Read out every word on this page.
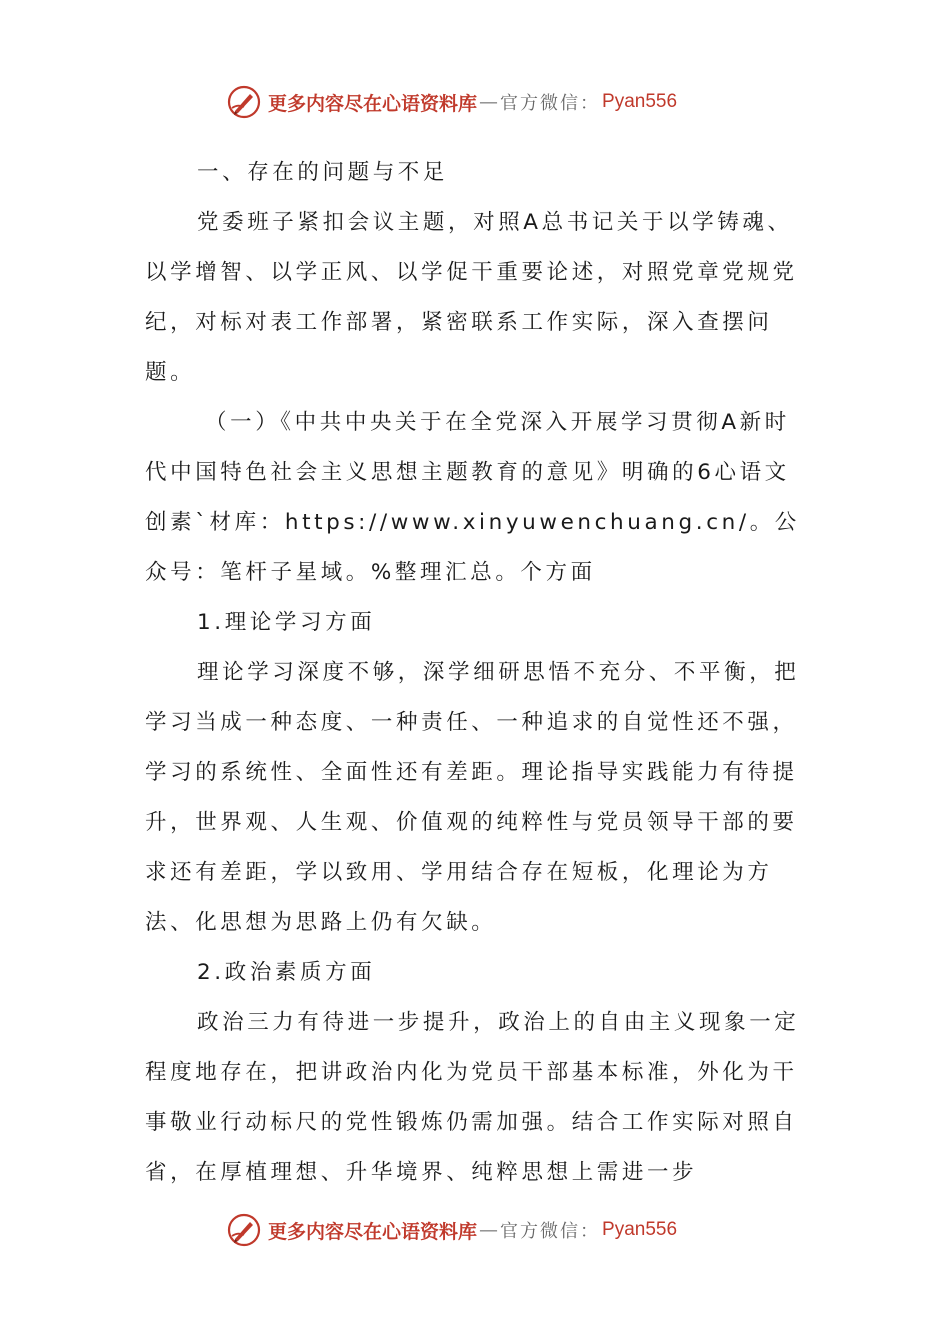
更多内容尽在心语资料库 — 官方微信： Pyan556

一、存在的问题与不足

党委班子紧扣会议主题，对照A总书记关于以学铸魂、以学增智、以学正风、以学促干重要论述，对照党章党规党纪，对标对表工作部署，紧密联系工作实际，深入查摆问题。

（一）《中共中央关于在全党深入开展学习贯彻A新时代中国特色社会主义思想主题教育的意见》明确的6心语文创素`材库：https://www.xinyuwenchuang.cn/。公众号：笔杆子星域。%整理汇总。个方面

1.理论学习方面

理论学习深度不够，深学细研思悟不充分、不平衡，把学习当成一种态度、一种责任、一种追求的自觉性还不强，学习的系统性、全面性还有差距。理论指导实践能力有待提升，世界观、人生观、价值观的纯粹性与党员领导干部的要求还有差距，学以致用、学用结合存在短板，化理论为方法、化思想为思路上仍有欠缺。

2.政治素质方面

政治三力有待进一步提升，政治上的自由主义现象一定程度地存在，把讲政治内化为党员干部基本标准，外化为干事敬业行动标尺的党性锻炼仍需加强。结合工作实际对照自省，在厚植理想、升华境界、纯粹思想上需进一步

更多内容尽在心语资料库 — 官方微信： Pyan556
